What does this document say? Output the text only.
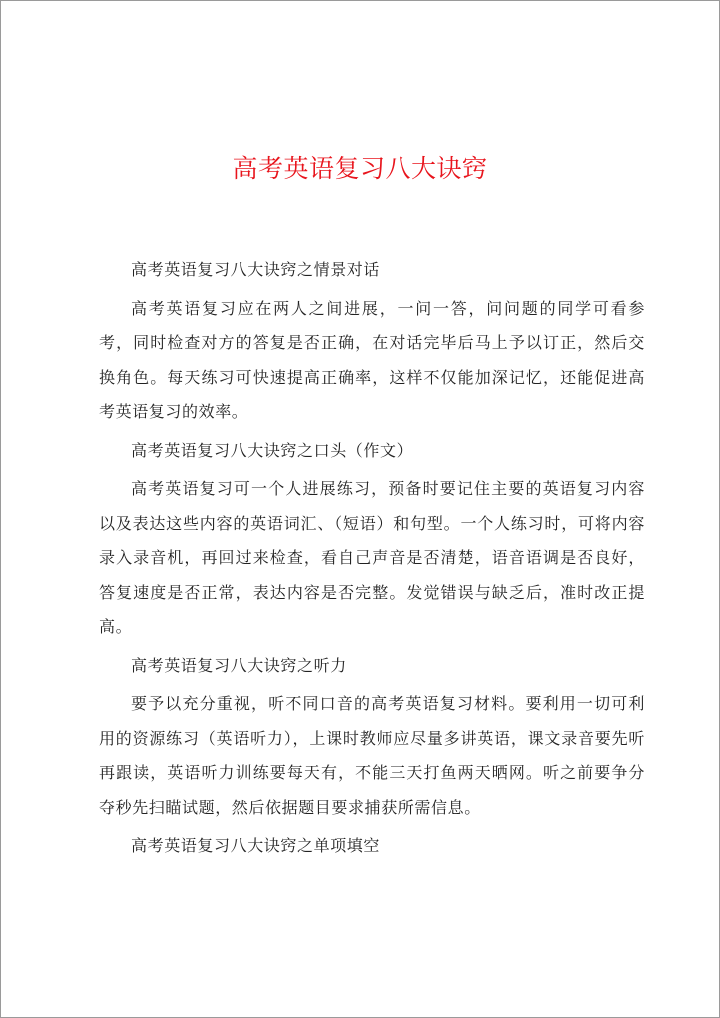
高考英语复习八大诀窍

高考英语复习八大诀窍之情景对话

高考英语复习应在两人之间进展，一问一答，问问题的同学可看参考，同时检查对方的答复是否正确，在对话完毕后马上予以订正，然后交换角色。每天练习可快速提高正确率，这样不仅能加深记忆，还能促进高考英语复习的效率。

高考英语复习八大诀窍之口头（作文）

高考英语复习可一个人进展练习，预备时要记住主要的英语复习内容以及表达这些内容的英语词汇、（短语）和句型。一个人练习时，可将内容录入录音机，再回过来检查，看自己声音是否清楚，语音语调是否良好，答复速度是否正常，表达内容是否完整。发觉错误与缺乏后，准时改正提高。

高考英语复习八大诀窍之听力

要予以充分重视，听不同口音的高考英语复习材料。要利用一切可利用的资源练习（英语听力），上课时教师应尽量多讲英语，课文录音要先听再跟读，英语听力训练要每天有，不能三天打鱼两天晒网。听之前要争分夺秒先扫瞄试题，然后依据题目要求捕获所需信息。

高考英语复习八大诀窍之单项填空
